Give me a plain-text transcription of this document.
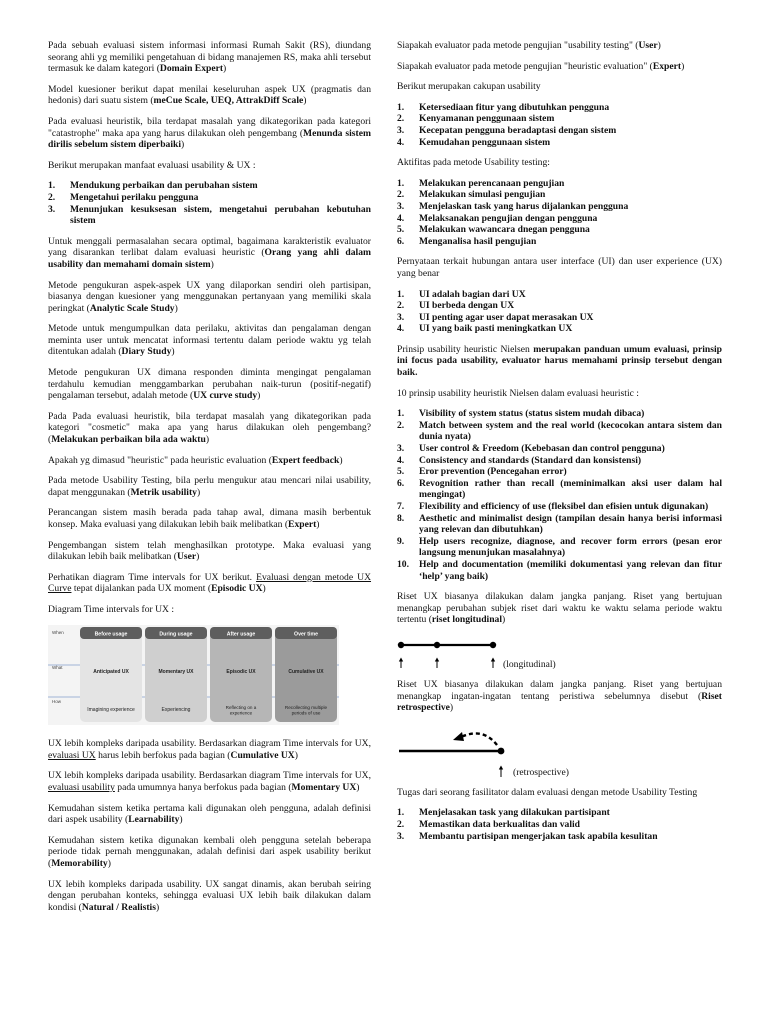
Pada sebuah evaluasi sistem informasi informasi Rumah Sakit (RS), diundang seorang ahli yg memiliki pengetahuan di bidang manajemen RS, maka ahli tersebut termasuk ke dalam kategori (Domain Expert)

Model kuesioner berikut dapat menilai keseluruhan aspek UX (pragmatis dan hedonis) dari suatu sistem (meCue Scale, UEQ, AttrakDiff Scale)

Pada evaluasi heuristik, bila terdapat masalah yang dikategorikan pada kategori "catastrophe" maka apa yang harus dilakukan oleh pengembang (Menunda sistem dirilis sebelum sistem diperbaiki)

Berikut merupakan manfaat evaluasi usability & UX :

1. Mendukung perbaikan dan perubahan sistem
2. Mengetahui perilaku pengguna
3. Menunjukan kesuksesan sistem, mengetahui perubahan kebutuhan sistem

Untuk menggali permasalahan secara optimal, bagaimana karakteristik evaluator yang disarankan terlibat dalam evaluasi heuristic (Orang yang ahli dalam usability dan memahami domain sistem)

Metode pengukuran aspek-aspek UX yang dilaporkan sendiri oleh partisipan, biasanya dengan kuesioner yang menggunakan pertanyaan yang memiliki skala peringkat (Analytic Scale Study)

Metode untuk mengumpulkan data perilaku, aktivitas dan pengalaman dengan meminta user untuk mencatat informasi tertentu dalam periode waktu yg telah ditentukan adalah (Diary Study)

Metode pengukuran UX dimana responden diminta mengingat pengalaman terdahulu kemudian menggambarkan perubahan naik-turun (positif-negatif) pengalaman tersebut, adalah metode (UX curve study)

Pada Pada evaluasi heuristik, bila terdapat masalah yang dikategorikan pada kategori "cosmetic" maka apa yang harus dilakukan oleh pengembang? (Melakukan perbaikan bila ada waktu)

Apakah yg dimasud "heuristic" pada heuristic evaluation (Expert feedback)

Pada metode Usability Testing, bila perlu mengukur atau mencari nilai usability, dapat menggunakan (Metrik usability)

Perancangan sistem masih berada pada tahap awal, dimana masih berbentuk konsep. Maka evaluasi yang dilakukan lebih baik melibatkan (Expert)

Pengembangan sistem telah menghasilkan prototype. Maka evaluasi yang dilakukan lebih baik melibatkan (User)

Perhatikan diagram Time intervals for UX berikut. Evaluasi dengan metode UX Curve tepat dijalankan pada UX moment (Episodic UX)

Diagram Time intervals for UX :

When
What
How
Before usage
Anticipated UX
Imagining experience
During usage
Momentary UX
Experiencing
After usage
Episodic UX
Reflecting on a experience
Over time
Cumulative UX
Recollecting multiple periods of use

UX lebih kompleks daripada usability. Berdasarkan diagram Time intervals for UX, evaluasi UX harus lebih berfokus pada bagian (Cumulative UX)

UX lebih kompleks daripada usability. Berdasarkan diagram Time intervals for UX, evaluasi usability pada umumnya hanya berfokus pada bagian (Momentary UX)

Kemudahan sistem ketika pertama kali digunakan oleh pengguna, adalah definisi dari aspek usability (Learnability)

Kemudahan sistem ketika digunakan kembali oleh pengguna setelah beberapa periode tidak pernah menggunakan, adalah definisi dari aspek usability berikut (Memorability)

UX lebih kompleks daripada usability. UX sangat dinamis, akan berubah seiring dengan perubahan konteks, sehingga evaluasi UX lebih baik dilakukan dalam kondisi (Natural / Realistis)

Siapakah evaluator pada metode pengujian "usability testing" (User)

Siapakah evaluator pada metode pengujian "heuristic evaluation" (Expert)

Berikut merupakan cakupan usability

1. Ketersediaan fitur yang dibutuhkan pengguna
2. Kenyamanan penggunaan sistem
3. Kecepatan pengguna beradaptasi dengan sistem
4. Kemudahan penggunaan sistem

Aktifitas pada metode Usability testing:

1. Melakukan perencanaan pengujian
2. Melakukan simulasi pengujian
3. Menjelaskan task yang harus dijalankan pengguna
4. Melaksanakan pengujian dengan pengguna
5. Melakukan wawancara dnegan pengguna
6. Menganalisa hasil pengujian

Pernyataan terkait hubungan antara user interface (UI) dan user experience (UX) yang benar

1. UI adalah bagian dari UX
2. UI berbeda dengan UX
3. UI penting agar user dapat merasakan UX
4. UI yang baik pasti meningkatkan UX

Prinsip usability heuristic Nielsen merupakan panduan umum evaluasi, prinsip ini focus pada usability, evaluator harus memahami prinsip tersebut dengan baik.

10 prinsip usability heuristik Nielsen dalam evaluasi heuristic :

1. Visibility of system status (status sistem mudah dibaca)
2. Match between system and the real world (kecocokan antara sistem dan dunia nyata)
3. User control & Freedom (Kebebasan dan control pengguna)
4. Consistency and standards (Standard dan konsistensi)
5. Eror prevention (Pencegahan error)
6. Revognition rather than recall (meminimalkan aksi user dalam hal mengingat)
7. Flexibility and efficiency of use (fleksibel dan efisien untuk digunakan)
8. Aesthetic and minimalist design (tampilan desain hanya berisi informasi yang relevan dan dibutuhkan)
9. Help users recognize, diagnose, and recover form errors (pesan eror langsung menunjukan masalahnya)
10. Help and documentation (memiliki dokumentasi yang relevan dan fitur ‘help’ yang baik)

Riset UX biasanya dilakukan dalam jangka panjang. Riset yang bertujuan menangkap perubahan subjek riset dari waktu ke waktu selama periode waktu tertentu (riset longitudinal)

(longitudinal)

Riset UX biasanya dilakukan dalam jangka panjang. Riset yang bertujuan menangkap ingatan-ingatan tentang peristiwa sebelumnya disebut (Riset retrospective)

(retrospective)

Tugas dari seorang fasilitator dalam evaluasi dengan metode Usability Testing

1. Menjelasakan task yang dilakukan partisipant
2. Memastikan data berkualitas dan valid
3. Membantu partisipan mengerjakan task apabila kesulitan
